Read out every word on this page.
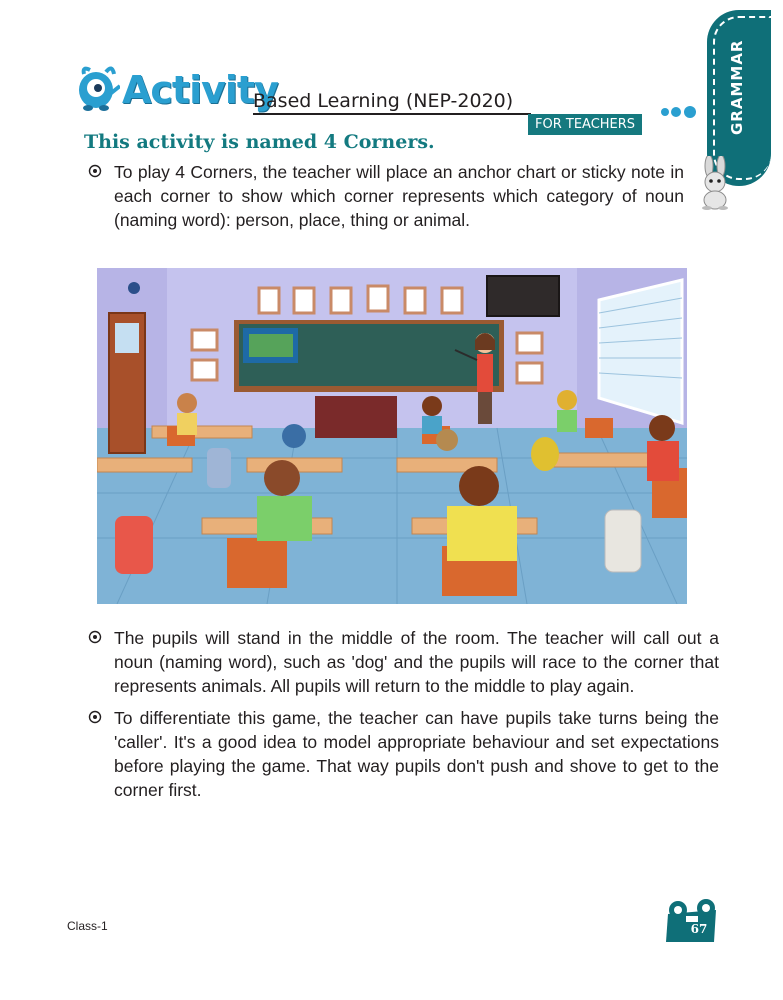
Activity
Based Learning (NEP-2020)
FOR TEACHERS	GRAMMAR
This activity is named 4 Corners.
To play 4 Corners, the teacher will place an anchor chart or sticky note in each corner to show which corner represents which category of noun (naming word): person, place, thing or animal.
The pupils will stand in the middle of the room. The teacher will call out a noun (naming word), such as 'dog' and the pupils will race to the corner that represents animals. All pupils will return to the middle to play again.
To differentiate this game, the teacher can have pupils take turns being the 'caller'. It's a good idea to model appropriate behaviour and set expectations before playing the game. That way pupils don't push and shove to get to the corner first.
Class-1	67
